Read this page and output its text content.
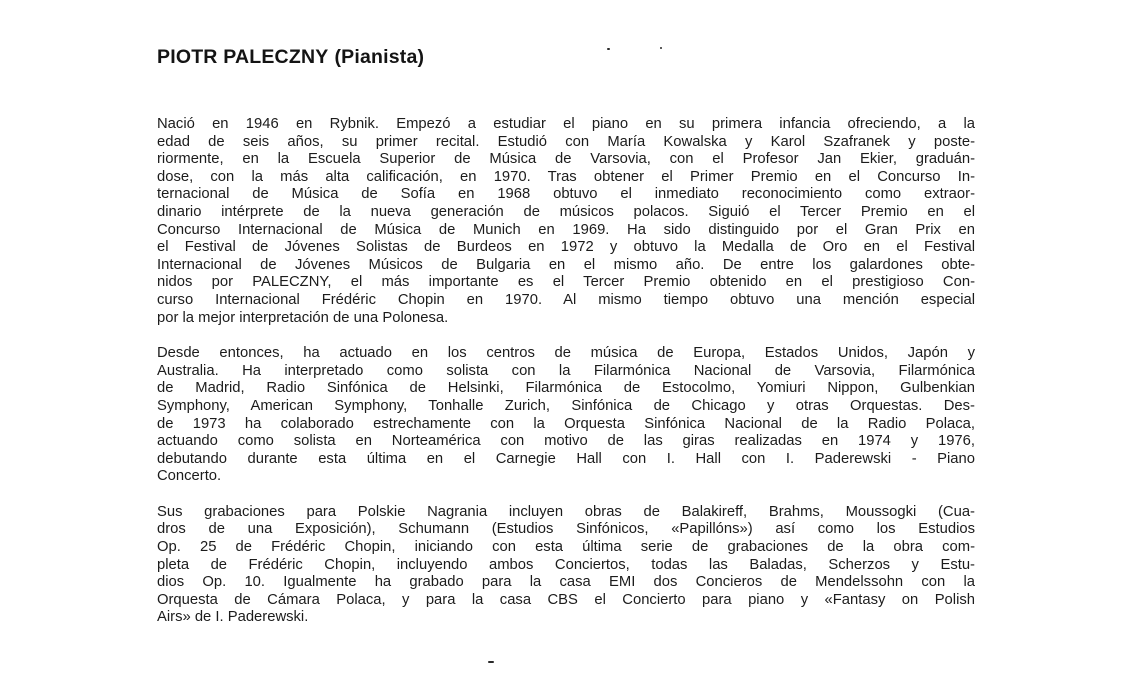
PIOTR PALECZNY (Pianista)

Nació en 1946 en Rybnik. Empezó a estudiar el piano en su primera infancia ofreciendo, a la
edad de seis años, su primer recital. Estudió con María Kowalska y Karol Szafranek y poste-
riormente, en la Escuela Superior de Música de Varsovia, con el Profesor Jan Ekier, graduán-
dose, con la más alta calificación, en 1970. Tras obtener el Primer Premio en el Concurso In-
ternacional de Música de Sofía en 1968 obtuvo el inmediato reconocimiento como extraor-
dinario intérprete de la nueva generación de músicos polacos. Siguió el Tercer Premio en el
Concurso Internacional de Música de Munich en 1969. Ha sido distinguido por el Gran Prix en
el Festival de Jóvenes Solistas de Burdeos en 1972 y obtuvo la Medalla de Oro en el Festival
Internacional de Jóvenes Músicos de Bulgaria en el mismo año. De entre los galardones obte-
nidos por PALECZNY, el más importante es el Tercer Premio obtenido en el prestigioso Con-
curso Internacional Frédéric Chopin en 1970. Al mismo tiempo obtuvo una mención especial
por la mejor interpretación de una Polonesa.

Desde entonces, ha actuado en los centros de música de Europa, Estados Unidos, Japón y
Australia. Ha interpretado como solista con la Filarmónica Nacional de Varsovia, Filarmónica
de Madrid, Radio Sinfónica de Helsinki, Filarmónica de Estocolmo, Yomiuri Nippon, Gulbenkian
Symphony, American Symphony, Tonhalle Zurich, Sinfónica de Chicago y otras Orquestas. Des-
de 1973 ha colaborado estrechamente con la Orquesta Sinfónica Nacional de la Radio Polaca,
actuando como solista en Norteamérica con motivo de las giras realizadas en 1974 y 1976,
debutando durante esta última en el Carnegie Hall con I. Hall con I. Paderewski - Piano
Concerto.

Sus grabaciones para Polskie Nagrania incluyen obras de Balakireff, Brahms, Moussogki (Cua-
dros de una Exposición), Schumann (Estudios Sinfónicos, «Papillóns») así como los Estudios
Op. 25 de Frédéric Chopin, iniciando con esta última serie de grabaciones de la obra com-
pleta de Frédéric Chopin, incluyendo ambos Conciertos, todas las Baladas, Scherzos y Estu-
dios Op. 10. Igualmente ha grabado para la casa EMI dos Concieros de Mendelssohn con la
Orquesta de Cámara Polaca, y para la casa CBS el Concierto para piano y «Fantasy on Polish
Airs» de I. Paderewski.
